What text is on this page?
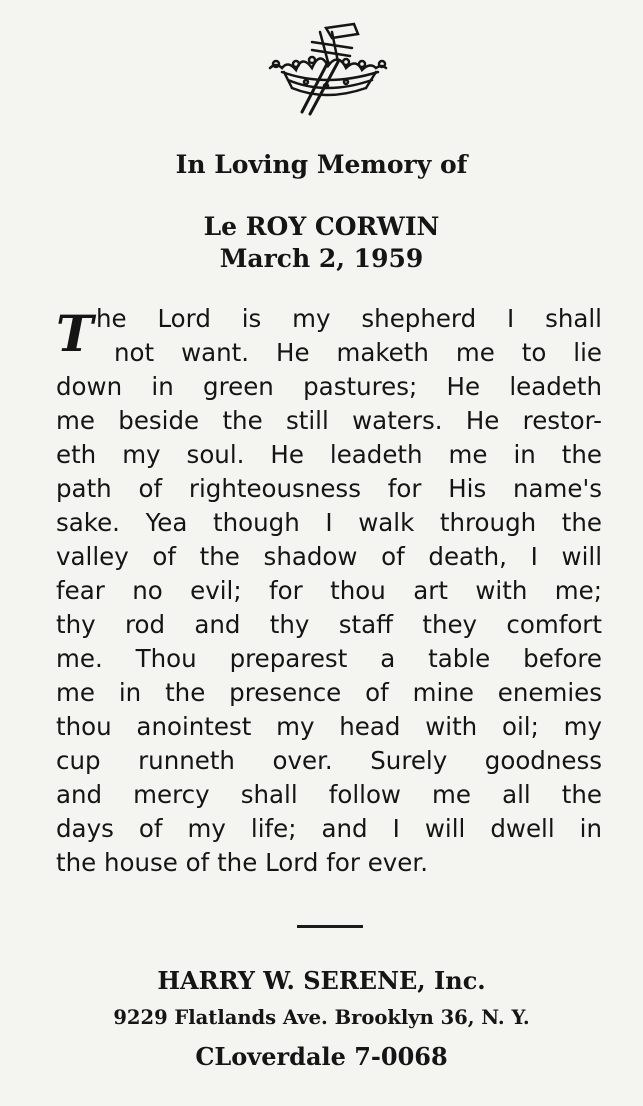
In Loving Memory of
Le ROY CORWIN
March 2, 1959
T he Lord is my shepherd I shall
not want. He maketh me to lie
down in green pastures; He leadeth
me beside the still waters. He restor-
eth my soul. He leadeth me in the
path of righteousness for His name's
sake. Yea though I walk through the
valley of the shadow of death, I will
fear no evil; for thou art with me;
thy rod and thy staff they comfort
me. Thou preparest a table before
me in the presence of mine enemies
thou anointest my head with oil; my
cup runneth over. Surely goodness
and mercy shall follow me all the
days of my life; and I will dwell in
the house of the Lord for ever.
HARRY W. SERENE, Inc.
9229 Flatlands Ave. Brooklyn 36, N. Y.
CLoverdale 7-0068
